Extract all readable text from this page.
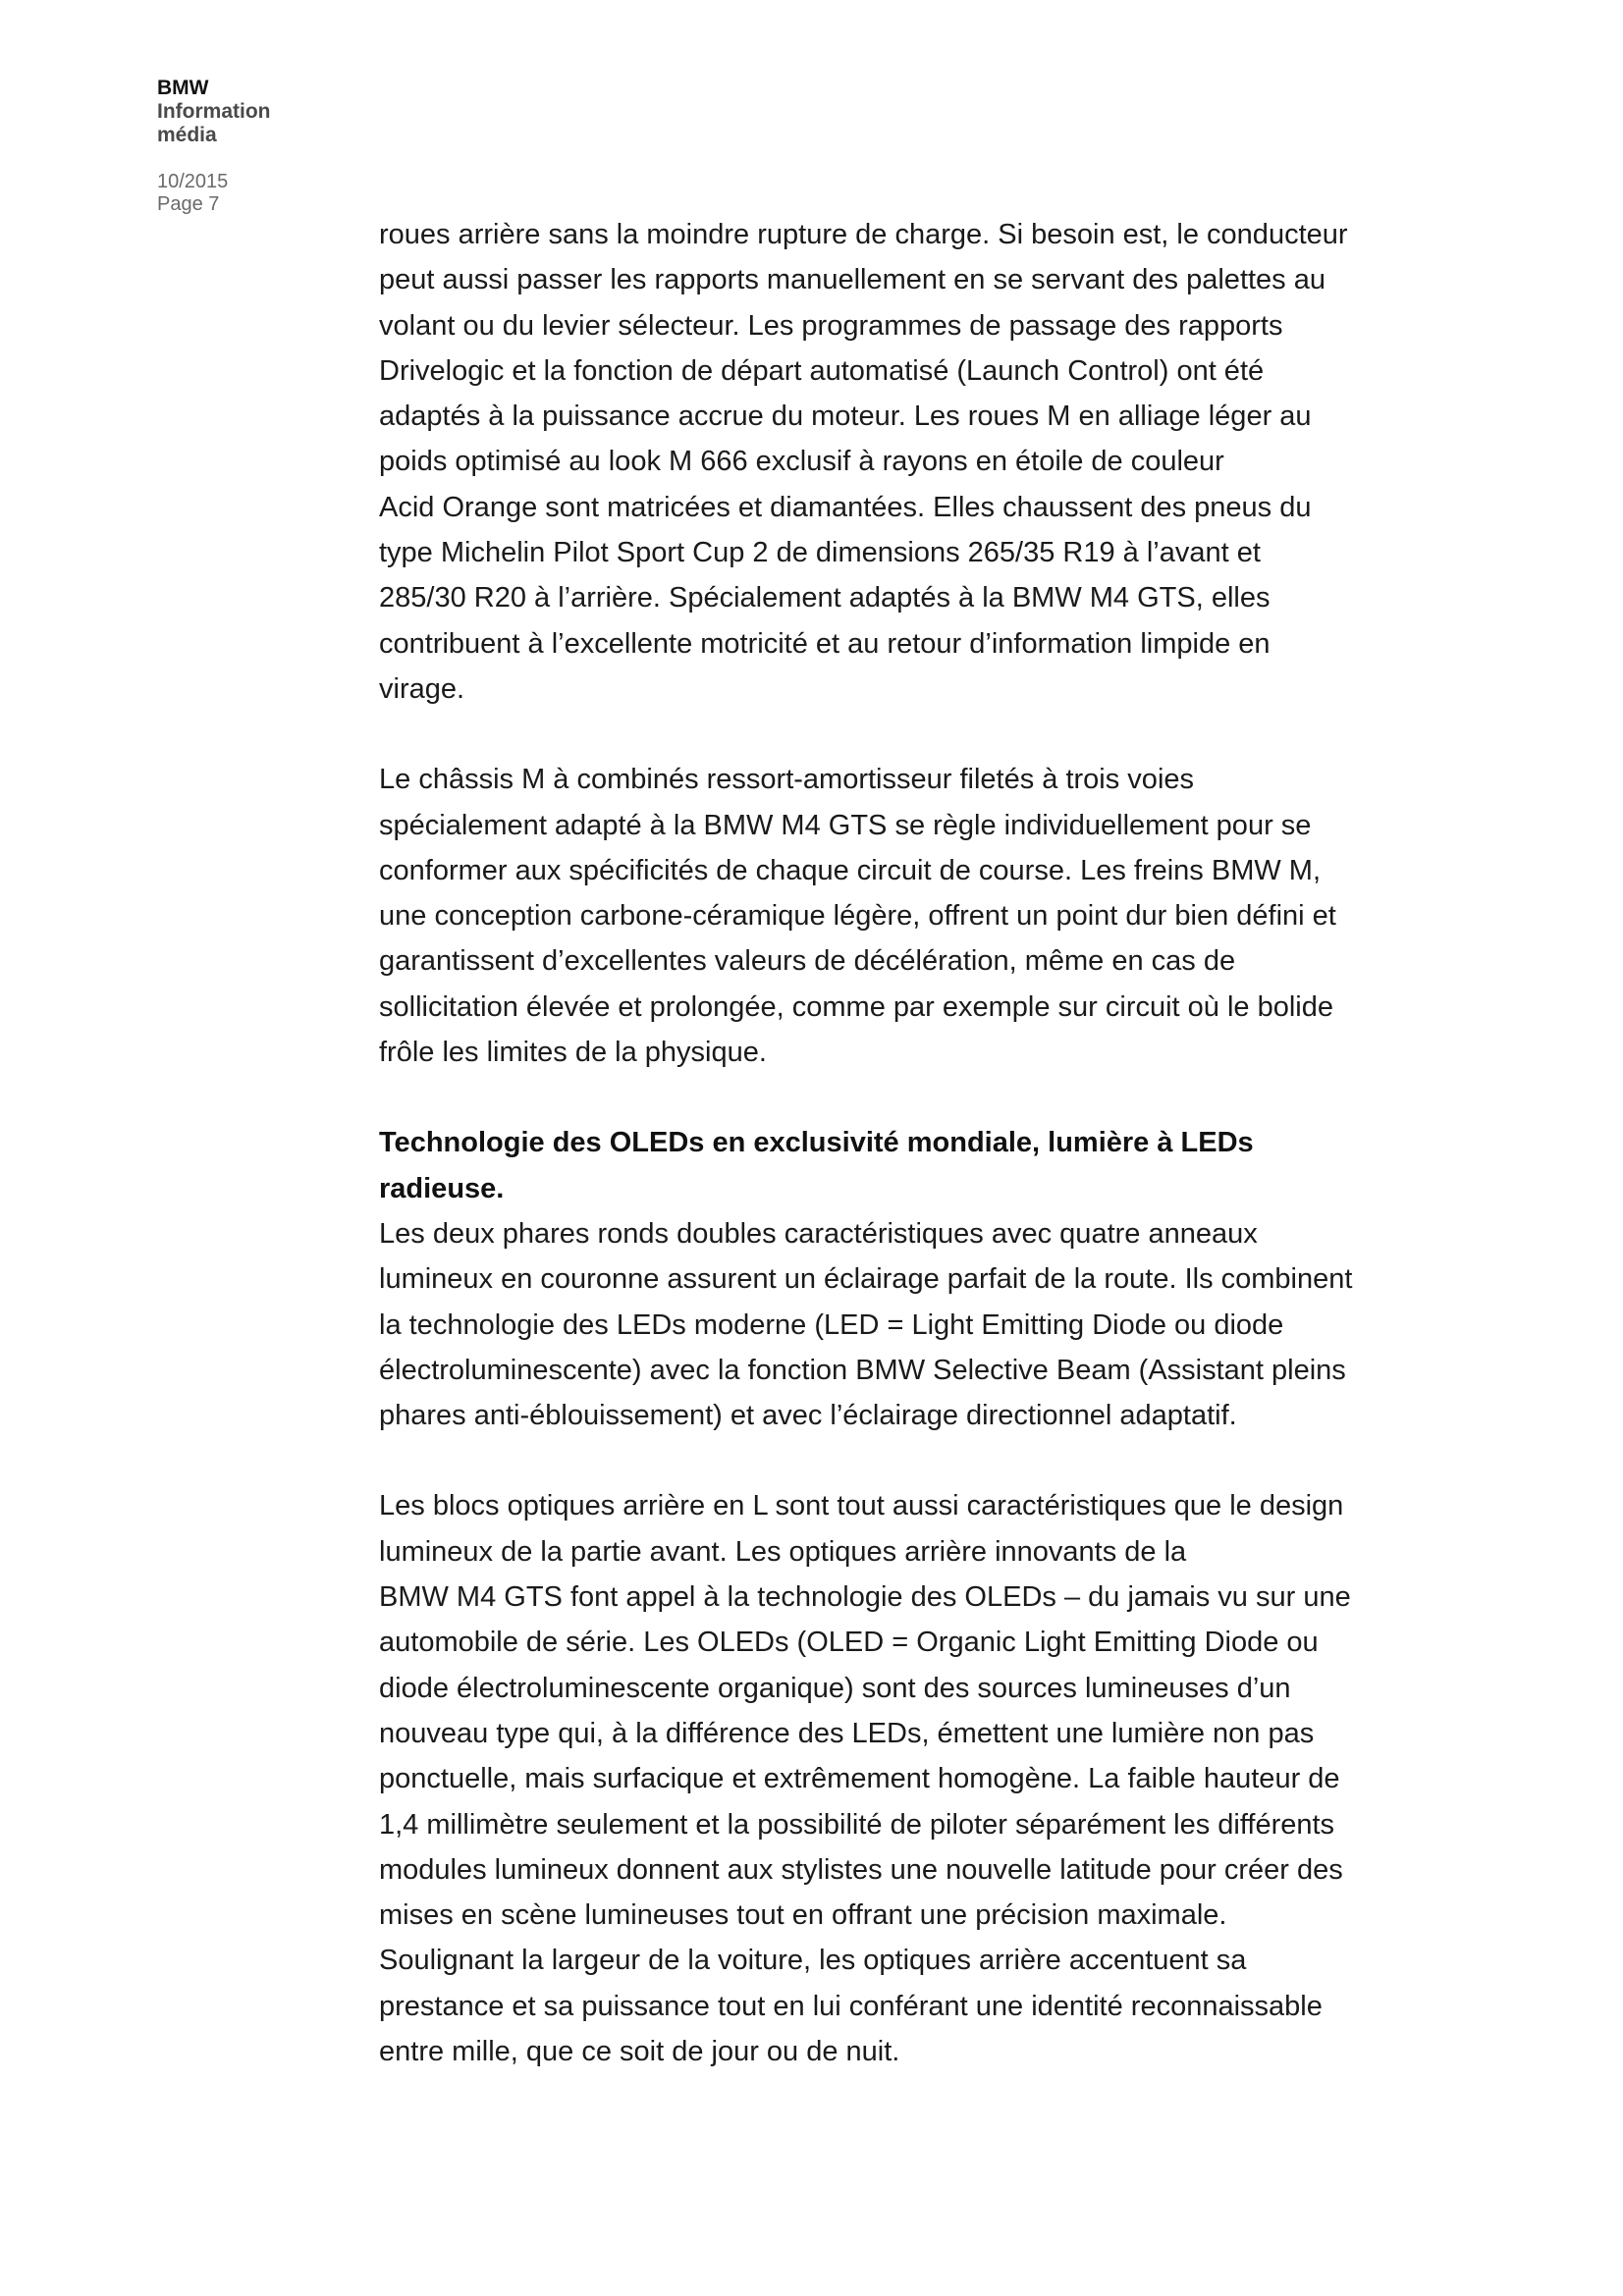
BMW
Information
média
10/2015
Page 7

roues arrière sans la moindre rupture de charge. Si besoin est, le conducteur
peut aussi passer les rapports manuellement en se servant des palettes au
volant ou du levier sélecteur. Les programmes de passage des rapports
Drivelogic et la fonction de départ automatisé (Launch Control) ont été
adaptés à la puissance accrue du moteur. Les roues M en alliage léger au
poids optimisé au look M 666 exclusif à rayons en étoile de couleur
Acid Orange sont matricées et diamantées. Elles chaussent des pneus du
type Michelin Pilot Sport Cup 2 de dimensions 265/35 R19 à l’avant et
285/30 R20 à l’arrière. Spécialement adaptés à la BMW M4 GTS, elles
contribuent à l’excellente motricité et au retour d’information limpide en
virage.

Le châssis M à combinés ressort-amortisseur filetés à trois voies
spécialement adapté à la BMW M4 GTS se règle individuellement pour se
conformer aux spécificités de chaque circuit de course. Les freins BMW M,
une conception carbone-céramique légère, offrent un point dur bien défini et
garantissent d’excellentes valeurs de décélération, même en cas de
sollicitation élevée et prolongée, comme par exemple sur circuit où le bolide
frôle les limites de la physique.

Technologie des OLEDs en exclusivité mondiale, lumière à LEDs
radieuse.

Les deux phares ronds doubles caractéristiques avec quatre anneaux
lumineux en couronne assurent un éclairage parfait de la route. Ils combinent
la technologie des LEDs moderne (LED = Light Emitting Diode ou diode
électroluminescente) avec la fonction BMW Selective Beam (Assistant pleins
phares anti-éblouissement) et avec l’éclairage directionnel adaptatif.

Les blocs optiques arrière en L sont tout aussi caractéristiques que le design
lumineux de la partie avant. Les optiques arrière innovants de la
BMW M4 GTS font appel à la technologie des OLEDs – du jamais vu sur une
automobile de série. Les OLEDs (OLED = Organic Light Emitting Diode ou
diode électroluminescente organique) sont des sources lumineuses d’un
nouveau type qui, à la différence des LEDs, émettent une lumière non pas
ponctuelle, mais surfacique et extrêmement homogène. La faible hauteur de
1,4 millimètre seulement et la possibilité de piloter séparément les différents
modules lumineux donnent aux stylistes une nouvelle latitude pour créer des
mises en scène lumineuses tout en offrant une précision maximale.
Soulignant la largeur de la voiture, les optiques arrière accentuent sa
prestance et sa puissance tout en lui conférant une identité reconnaissable
entre mille, que ce soit de jour ou de nuit.
